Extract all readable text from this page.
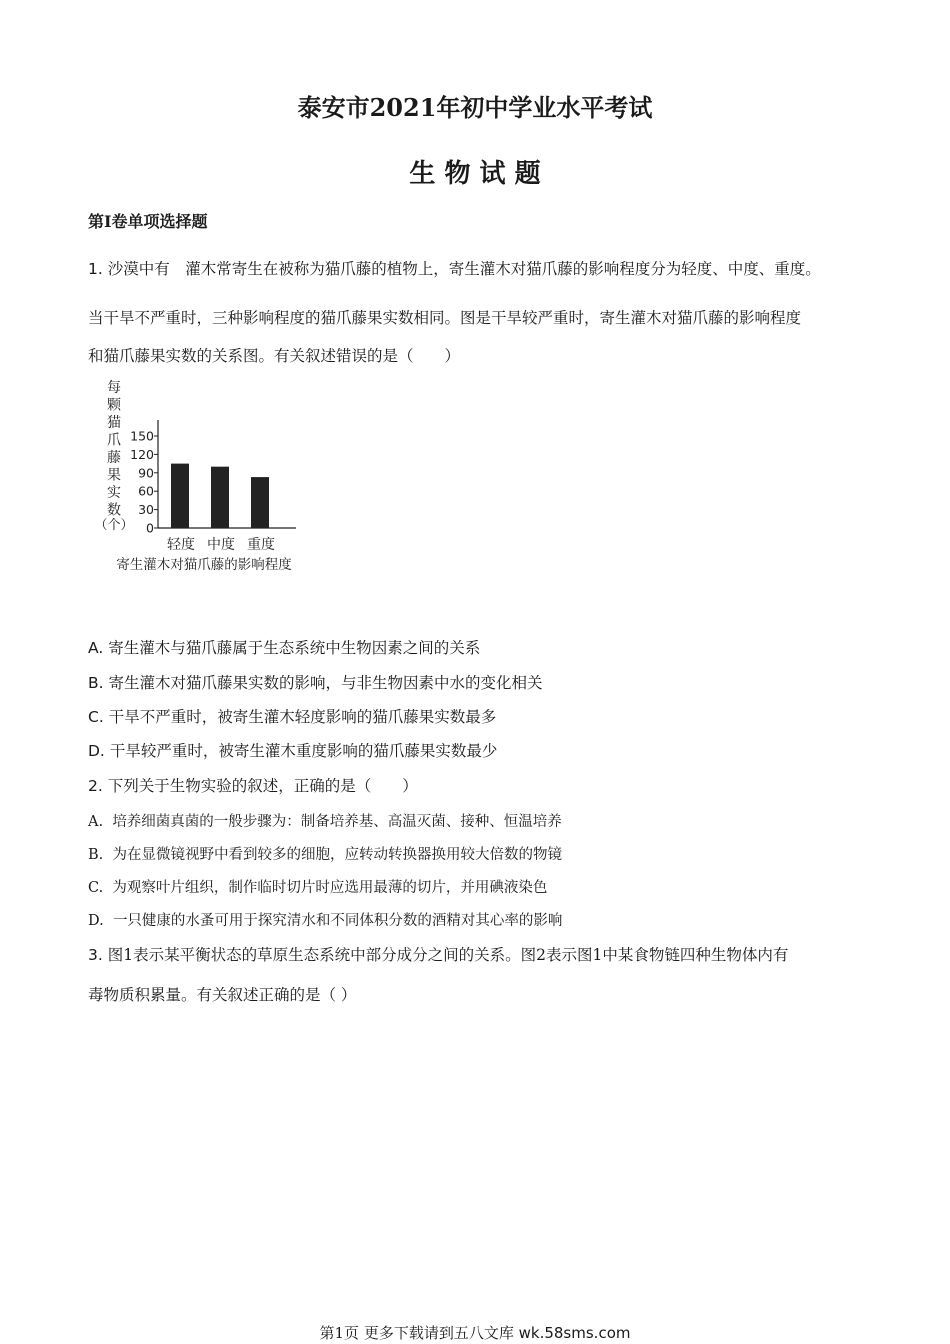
泰安市2021年初中学业水平考试
生 物 试 题
第I卷单项选择题
1. 沙漠中有　灌木常寄生在被称为猫爪藤的植物上，寄生灌木对猫爪藤的影响程度分为轻度、中度、重度。
当干旱不严重时，三种影响程度的猫爪藤果实数相同。图是干旱较严重时，寄生灌木对猫爪藤的影响程度
和猫爪藤果实数的关系图。有关叙述错误的是（　　）
每
颗
猫
爪
藤
果
实
数
（个）
150
120
90
60
30
0
轻度 中度 重度
寄生灌木对猫爪藤的影响程度
A. 寄生灌木与猫爪藤属于生态系统中生物因素之间的关系
B. 寄生灌木对猫爪藤果实数的影响，与非生物因素中水的变化相关
C. 干旱不严重时，被寄生灌木轻度影响的猫爪藤果实数最多
D. 干旱较严重时，被寄生灌木重度影响的猫爪藤果实数最少
2. 下列关于生物实验的叙述，正确的是（　　）
A. 培养细菌真菌的一般步骤为：制备培养基、高温灭菌、接种、恒温培养
B. 为在显微镜视野中看到较多的细胞，应转动转换器换用较大倍数的物镜
C. 为观察叶片组织，制作临时切片时应选用最薄的切片，并用碘液染色
D. 一只健康的水蚤可用于探究清水和不同体积分数的酒精对其心率的影响
3. 图1表示某平衡状态的草原生态系统中部分成分之间的关系。图2表示图1中某食物链四种生物体内有
毒物质积累量。有关叙述正确的是（ ）
第1页 更多下载请到五八文库 wk.58sms.com
